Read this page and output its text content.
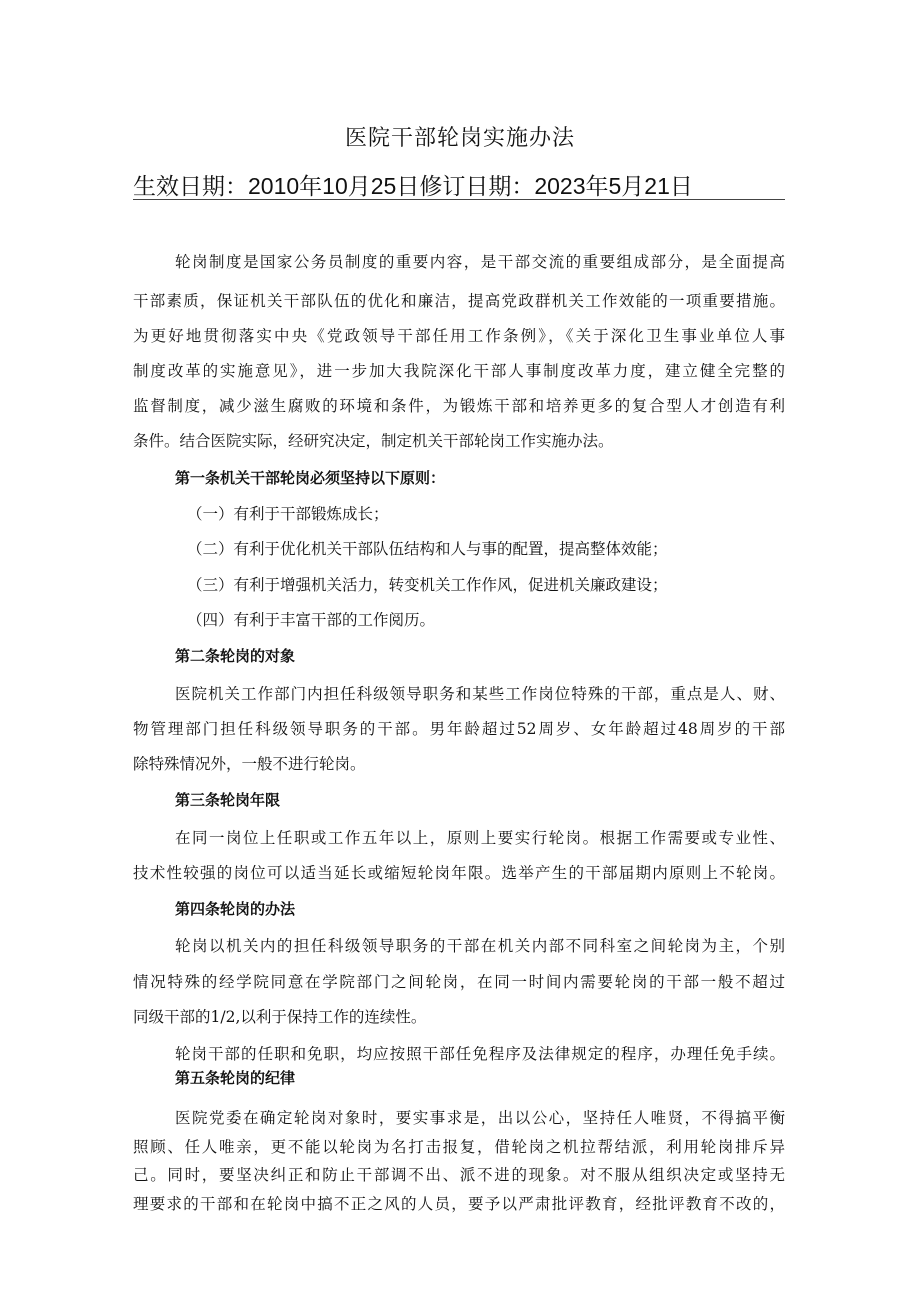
医院干部轮岗实施办法
生效日期：2010年10月25日修订日期：2023年5月21日

轮岗制度是国家公务员制度的重要内容，是干部交流的重要组成部分，是全面提高

干部素质，保证机关干部队伍的优化和廉洁，提高党政群机关工作效能的一项重要措施。

为更好地贯彻落实中央《党政领导干部任用工作条例》，《关于深化卫生事业单位人事

制度改革的实施意见》，进一步加大我院深化干部人事制度改革力度，建立健全完整的

监督制度，减少滋生腐败的环境和条件，为锻炼干部和培养更多的复合型人才创造有利

条件。结合医院实际，经研究决定，制定机关干部轮岗工作实施办法。

第一条机关干部轮岗必须坚持以下原则：

（一）有利于干部锻炼成长；

（二）有利于优化机关干部队伍结构和人与事的配置，提高整体效能；

（三）有利于增强机关活力，转变机关工作作风，促进机关廉政建设；

（四）有利于丰富干部的工作阅历。

第二条轮岗的对象

医院机关工作部门内担任科级领导职务和某些工作岗位特殊的干部，重点是人、财、

物管理部门担任科级领导职务的干部。男年龄超过52周岁、女年龄超过48周岁的干部

除特殊情况外，一般不进行轮岗。

第三条轮岗年限

在同一岗位上任职或工作五年以上，原则上要实行轮岗。根据工作需要或专业性、

技术性较强的岗位可以适当延长或缩短轮岗年限。选举产生的干部届期内原则上不轮岗。

第四条轮岗的办法

轮岗以机关内的担任科级领导职务的干部在机关内部不同科室之间轮岗为主，个别

情况特殊的经学院同意在学院部门之间轮岗，在同一时间内需要轮岗的干部一般不超过

同级干部的1/2,以利于保持工作的连续性。

轮岗干部的任职和免职，均应按照干部任免程序及法律规定的程序，办理任免手续。

第五条轮岗的纪律

医院党委在确定轮岗对象时，要实事求是，出以公心，坚持任人唯贤，不得搞平衡

照顾、任人唯亲，更不能以轮岗为名打击报复，借轮岗之机拉帮结派，利用轮岗排斥异

己。同时，要坚决纠正和防止干部调不出、派不进的现象。对不服从组织决定或坚持无

理要求的干部和在轮岗中搞不正之风的人员，要予以严肃批评教育，经批评教育不改的，
